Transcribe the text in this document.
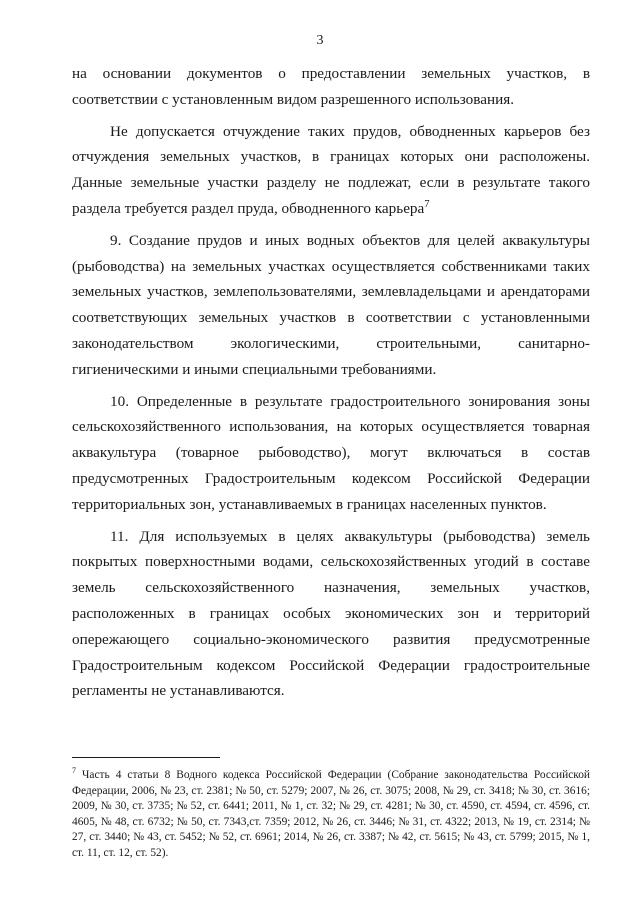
3

на основании документов о предоставлении земельных участков, в соответствии с установленным видом разрешенного использования.

Не допускается отчуждение таких прудов, обводненных карьеров без отчуждения земельных участков, в границах которых они расположены. Данные земельные участки разделу не подлежат, если в результате такого раздела требуется раздел пруда, обводненного карьера$^7$

9. Создание прудов и иных водных объектов для целей аквакультуры (рыбоводства) на земельных участках осуществляется собственниками таких земельных участков, землепользователями, землевладельцами и арендаторами соответствующих земельных участков в соответствии с установленными законодательством экологическими, строительными, санитарно-гигиеническими и иными специальными требованиями.

10. Определенные в результате градостроительного зонирования зоны сельскохозяйственного использования, на которых осуществляется товарная аквакультура (товарное рыбоводство), могут включаться в состав предусмотренных Градостроительным кодексом Российской Федерации территориальных зон, устанавливаемых в границах населенных пунктов.

11. Для используемых в целях аквакультуры (рыбоводства) земель покрытых поверхностными водами, сельскохозяйственных угодий в составе земель сельскохозяйственного назначения, земельных участков, расположенных в границах особых экономических зон и территорий опережающего социально-экономического развития предусмотренные Градостроительным кодексом Российской Федерации градостроительные регламенты не устанавливаются.

$^7$ Часть 4 статьи 8 Водного кодекса Российской Федерации (Собрание законодательства Российской Федерации, 2006, № 23, ст. 2381; № 50, ст. 5279; 2007, № 26, ст. 3075; 2008, № 29, ст. 3418; № 30, ст. 3616; 2009, № 30, ст. 3735; № 52, ст. 6441; 2011, № 1, ст. 32; № 29, ст. 4281; № 30, ст. 4590, ст. 4594, ст. 4596, ст. 4605, № 48, ст. 6732; № 50, ст. 7343,ст. 7359; 2012, № 26, ст. 3446; № 31, ст. 4322; 2013, № 19, ст. 2314; № 27, ст. 3440; № 43, ст. 5452; № 52, ст. 6961; 2014, № 26, ст. 3387; № 42, ст. 5615; № 43, ст. 5799; 2015, № 1, ст. 11, ст. 12, ст. 52).
